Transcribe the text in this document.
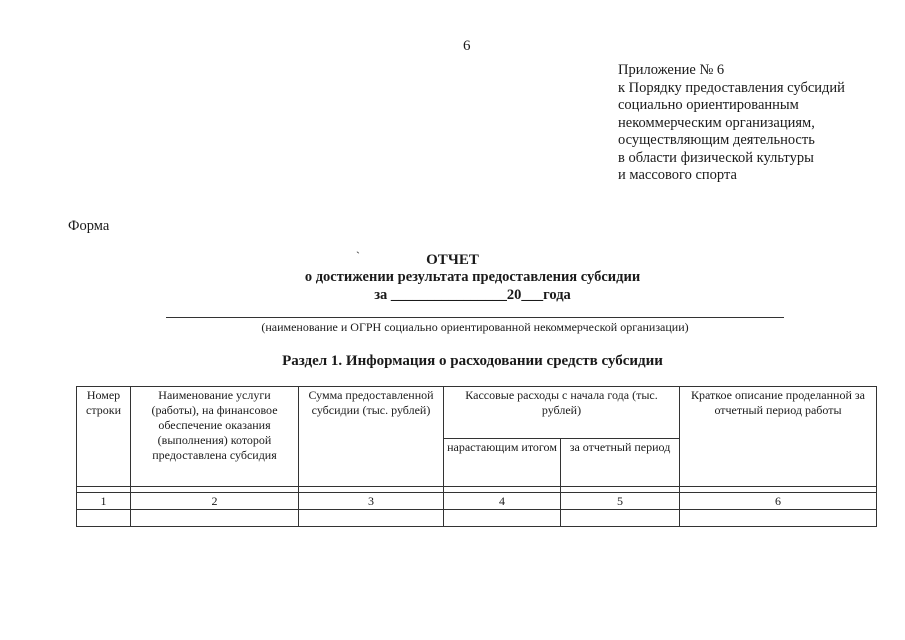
6
Приложение № 6
к Порядку предоставления субсидий
социально ориентированным
некоммерческим организациям,
осуществляющим деятельность
в области физической культуры
и массового спорта
Форма
`	ОТЧЕТ
о достижении результата предоставления субсидии
за ________________20___года
(наименование и ОГРН социально ориентированной некоммерческой организации)
Раздел 1. Информация о расходовании средств субсидии
Номер строки	Наименование услуги (работы), на финансовое обеспечение оказания (выполнения) которой предоставлена субсидия	Сумма предоставленной субсидии (тыс. рублей)	Кассовые расходы с начала года (тыс. рублей)		Краткое описание проделанной за отчетный период работы
			нарастающим итогом	за отчетный период	

1	2	3	4	5	6
